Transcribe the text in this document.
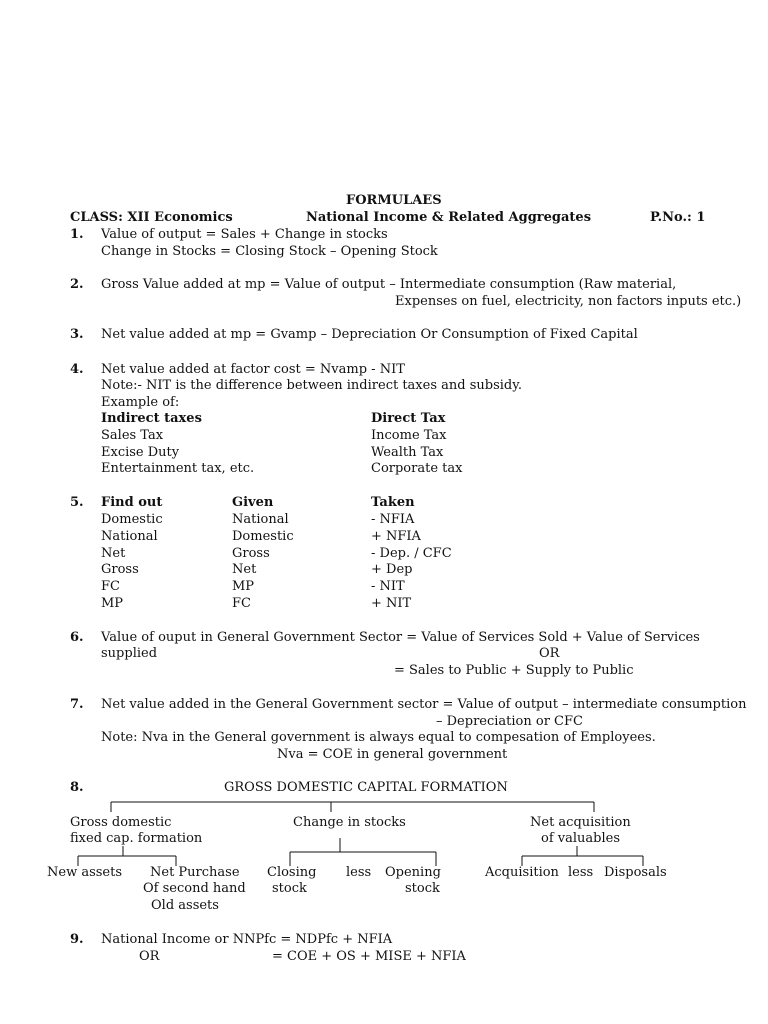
FORMULAES
CLASS: XII Economics	National Income & Related Aggregates	P.No.: 1
1. Value of output = Sales + Change in stocks
Change in Stocks = Closing Stock – Opening Stock
2. Gross Value added at mp = Value of output – Intermediate consumption (Raw material,
Expenses on fuel, electricity, non factors inputs etc.)
3. Net value added at mp = Gvamp – Depreciation Or Consumption of Fixed Capital
4. Net value added at factor cost = Nvamp - NIT
Note:- NIT is the difference between indirect taxes and subsidy.
Example of:
Indirect taxes	Direct Tax
Sales Tax	Income Tax
Excise Duty	Wealth Tax
Entertainment tax, etc.	Corporate tax
5. Find out	Given	Taken
Domestic	National	- NFIA
National	Domestic	+ NFIA
Net	Gross	- Dep. / CFC
Gross	Net	+ Dep
FC	MP	- NIT
MP	FC	+ NIT
6. Value of ouput in General Government Sector = Value of Services Sold + Value of Services
supplied	OR
= Sales to Public + Supply to Public
7. Net value added in the General Government sector = Value of output – intermediate consumption
– Depreciation or CFC
Note: Nva in the General government is always equal to compesation of Employees.
Nva = COE in general government
8.	GROSS DOMESTIC CAPITAL FORMATION
Gross domestic
fixed cap. formation
Change in stocks	Net acquisition
of valuables
New assets Net Purchase
Of second hand
Old assets
Closing
stock
less Opening
stock
Acquisition less Disposals
9. National Income or NNPfc = NDPfc + NFIA
OR	= COE + OS + MISE + NFIA
